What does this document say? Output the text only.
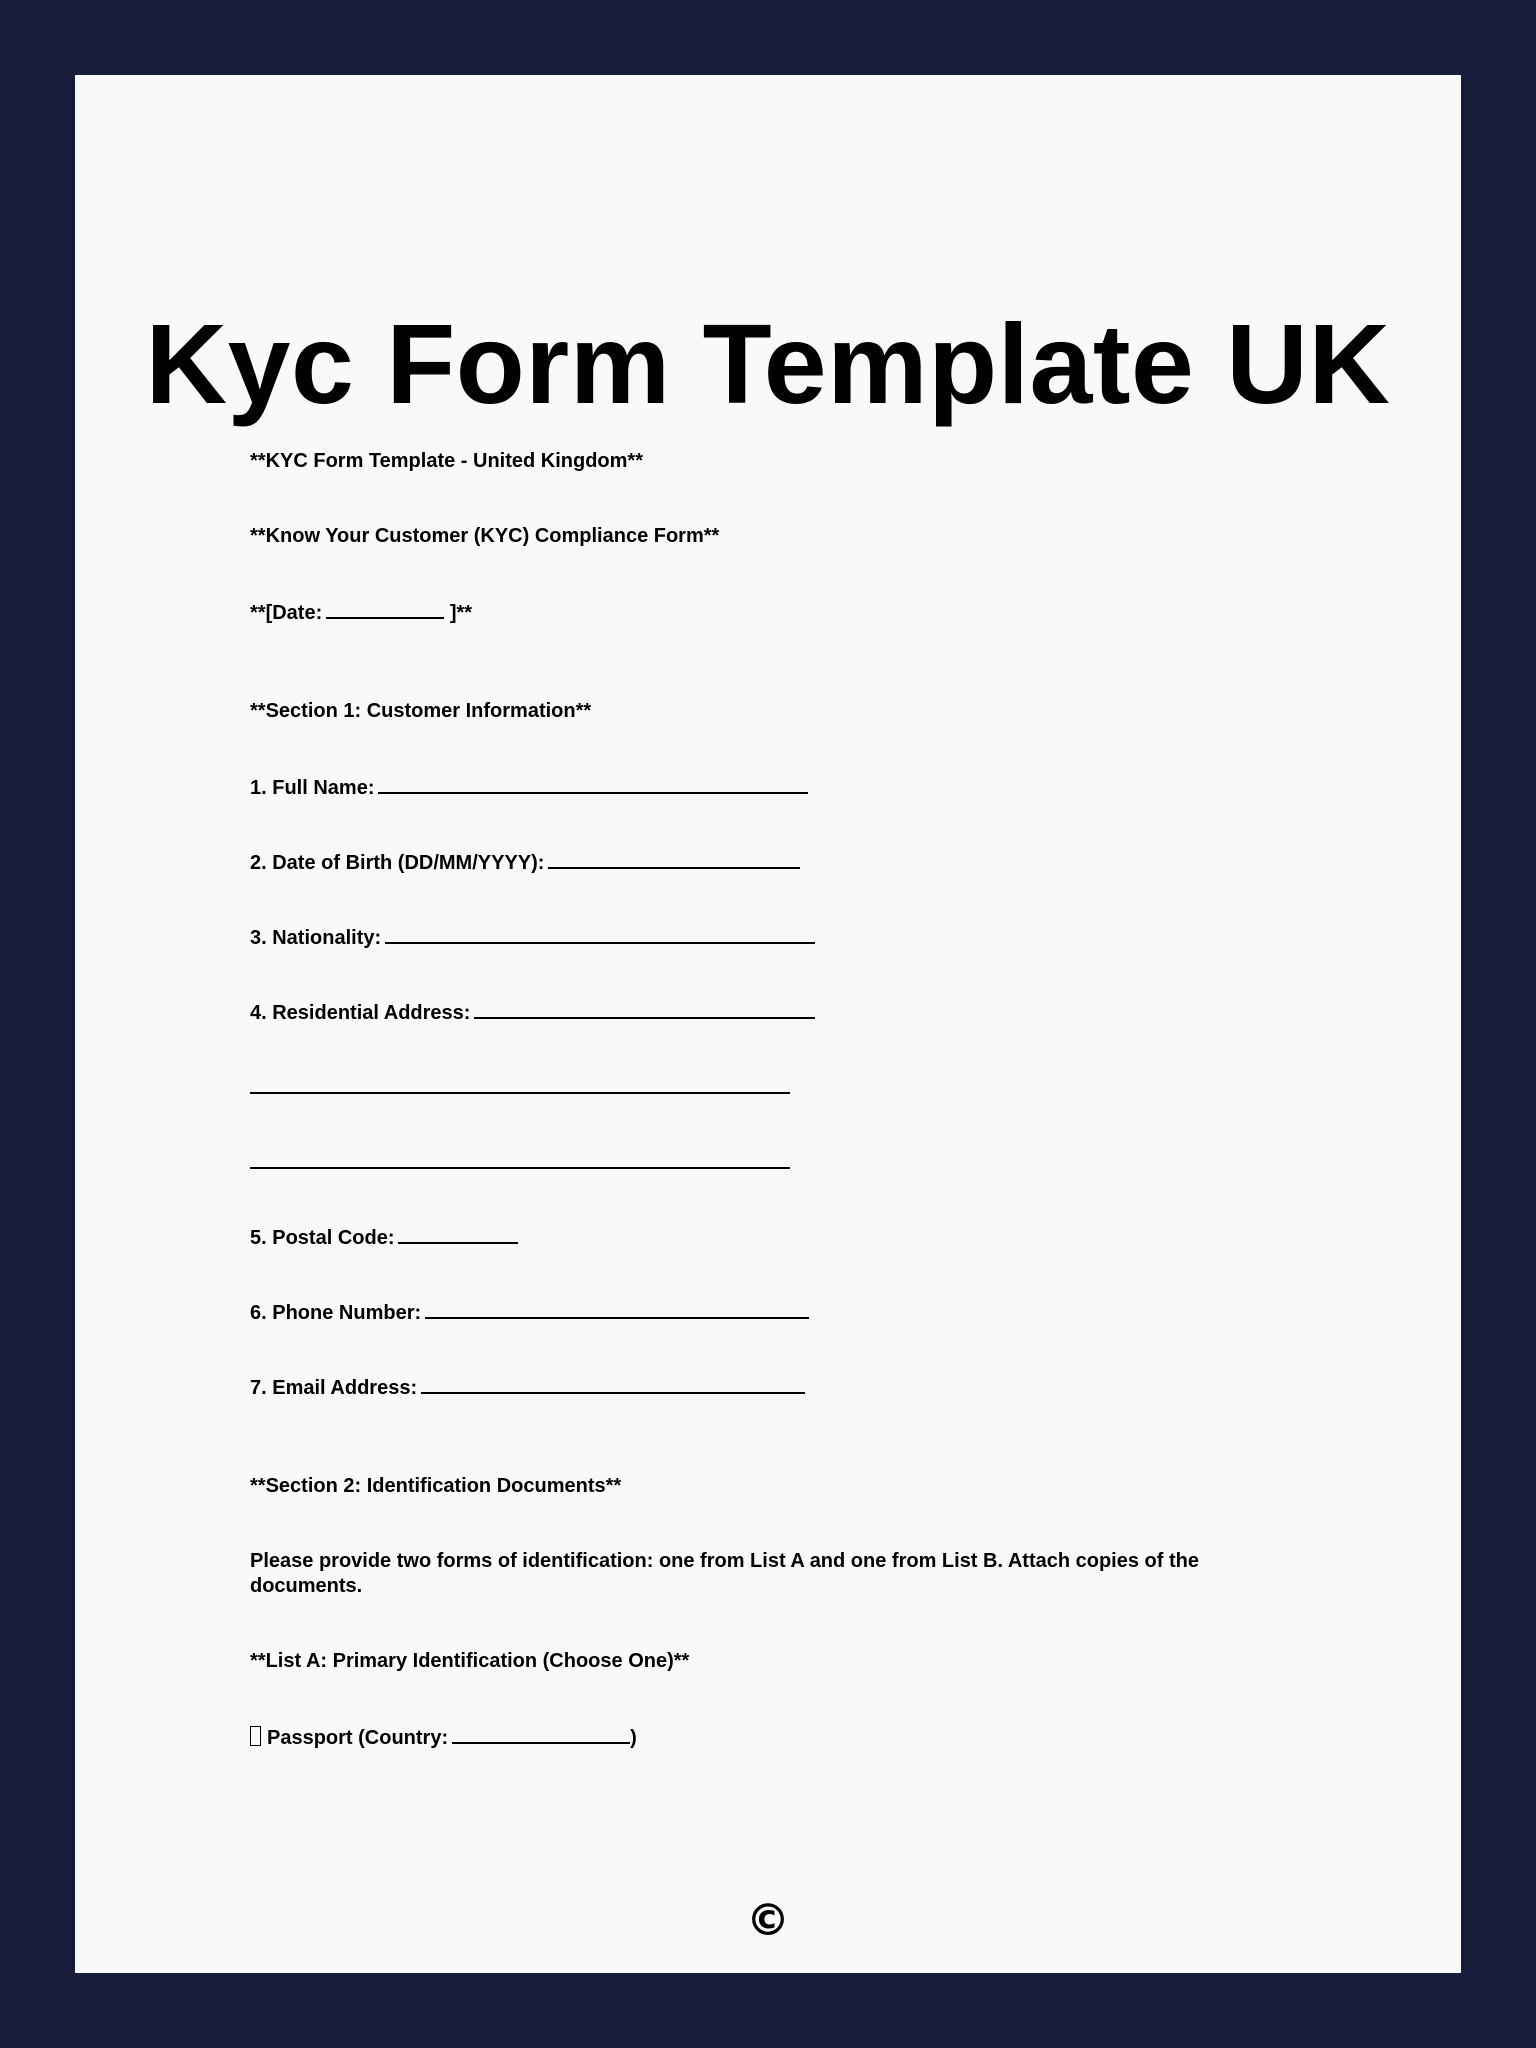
Kyc Form Template UK
**KYC Form Template - United Kingdom**
**Know Your Customer (KYC) Compliance Form**
**[Date:	]**
**Section 1: Customer Information**
1. Full Name:
2. Date of Birth (DD/MM/YYYY):
3. Nationality:
4. Residential Address:
5. Postal Code:
6. Phone Number:
7. Email Address:
**Section 2: Identification Documents**
Please provide two forms of identification: one from List A and one from List B. Attach copies of the documents.
**List A: Primary Identification (Choose One)**
Passport (Country:	)
©
